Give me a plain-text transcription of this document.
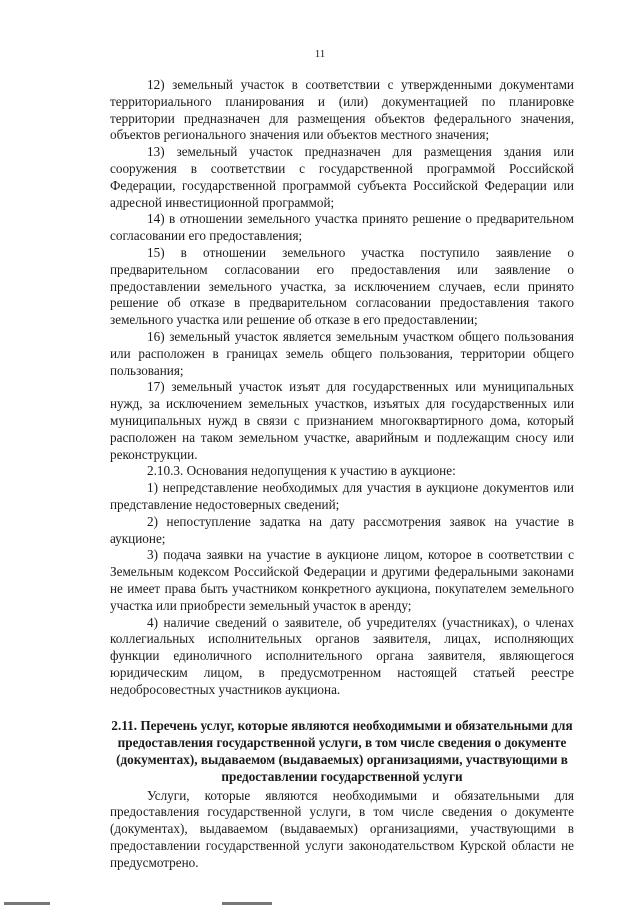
11

12) земельный участок в соответствии с утвержденными документами территориального планирования и (или) документацией по планировке территории предназначен для размещения объектов федерального значения, объектов регионального значения или объектов местного значения;

13) земельный участок предназначен для размещения здания или сооружения в соответствии с государственной программой Российской Федерации, государственной программой субъекта Российской Федерации или адресной инвестиционной программой;

14) в отношении земельного участка принято решение о предварительном согласовании его предоставления;

15) в отношении земельного участка поступило заявление о предварительном согласовании его предоставления или заявление о предоставлении земельного участка, за исключением случаев, если принято решение об отказе в предварительном согласовании предоставления такого земельного участка или решение об отказе в его предоставлении;

16) земельный участок является земельным участком общего пользования или расположен в границах земель общего пользования, территории общего пользования;

17) земельный участок изъят для государственных или муниципальных нужд, за исключением земельных участков, изъятых для государственных или муниципальных нужд в связи с признанием многоквартирного дома, который расположен на таком земельном участке, аварийным и подлежащим сносу или реконструкции.

2.10.3. Основания недопущения к участию в аукционе:

1) непредставление необходимых для участия в аукционе документов или представление недостоверных сведений;

2) непоступление задатка на дату рассмотрения заявок на участие в аукционе;

3) подача заявки на участие в аукционе лицом, которое в соответствии с Земельным кодексом Российской Федерации и другими федеральными законами не имеет права быть участником конкретного аукциона, покупателем земельного участка или приобрести земельный участок в аренду;

4) наличие сведений о заявителе, об учредителях (участниках), о членах коллегиальных исполнительных органов заявителя, лицах, исполняющих функции единоличного исполнительного органа заявителя, являющегося юридическим лицом, в предусмотренном настоящей статьей реестре недобросовестных участников аукциона.

2.11. Перечень услуг, которые являются необходимыми и обязательными для предоставления государственной услуги, в том числе сведения о документе (документах), выдаваемом (выдаваемых) организациями, участвующими в предоставлении государственной услуги

Услуги, которые являются необходимыми и обязательными для предоставления государственной услуги, в том числе сведения о документе (документах), выдаваемом (выдаваемых) организациями, участвующими в предоставлении государственной услуги законодательством Курской области не предусмотрено.
